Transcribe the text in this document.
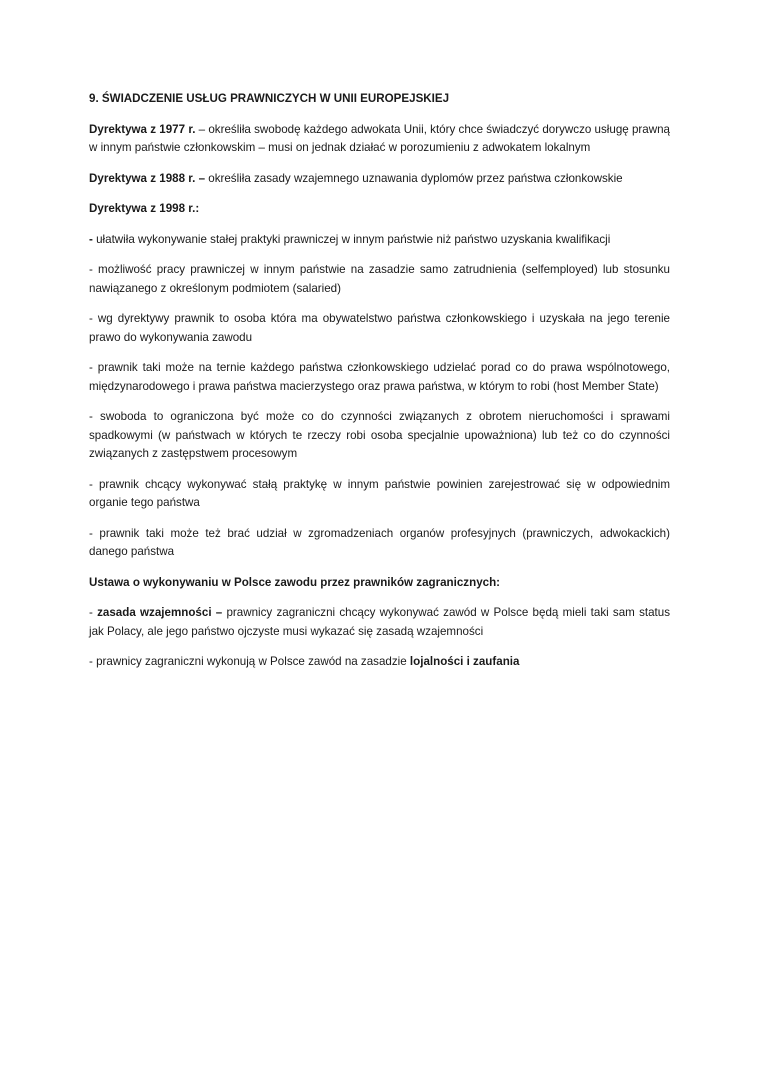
9. ŚWIADCZENIE USŁUG PRAWNICZYCH W UNII EUROPEJSKIEJ

Dyrektywa z 1977 r. – określiła swobodę każdego adwokata Unii, który chce świadczyć dorywczo usługę prawną w innym państwie członkowskim – musi on jednak działać w porozumieniu z adwokatem lokalnym

Dyrektywa z 1988 r. – określiła zasady wzajemnego uznawania dyplomów przez państwa członkowskie

Dyrektywa z 1998 r.:

- ułatwiła wykonywanie stałej praktyki prawniczej w innym państwie niż państwo uzyskania kwalifikacji

- możliwość pracy prawniczej w innym państwie na zasadzie samo zatrudnienia (selfemployed) lub stosunku nawiązanego z określonym podmiotem (salaried)

- wg dyrektywy prawnik to osoba która ma obywatelstwo państwa członkowskiego i uzyskała na jego terenie prawo do wykonywania zawodu

- prawnik taki może na ternie każdego państwa członkowskiego udzielać porad co do prawa wspólnotowego, międzynarodowego i prawa państwa macierzystego oraz prawa państwa, w którym to robi (host Member State)

- swoboda to ograniczona być może co do czynności związanych z obrotem nieruchomości i sprawami spadkowymi (w państwach w których te rzeczy robi osoba specjalnie upoważniona) lub też co do czynności związanych z zastępstwem procesowym

- prawnik chcący wykonywać stałą praktykę w innym państwie powinien zarejestrować się w odpowiednim organie tego państwa

- prawnik taki może też brać udział w zgromadzeniach organów profesyjnych (prawniczych, adwokackich) danego państwa

Ustawa o wykonywaniu w Polsce zawodu przez prawników zagranicznych:

- zasada wzajemności – prawnicy zagraniczni chcący wykonywać zawód w Polsce będą mieli taki sam status jak Polacy, ale jego państwo ojczyste musi wykazać się zasadą wzajemności

- prawnicy zagraniczni wykonują w Polsce zawód na zasadzie lojalności i zaufania
